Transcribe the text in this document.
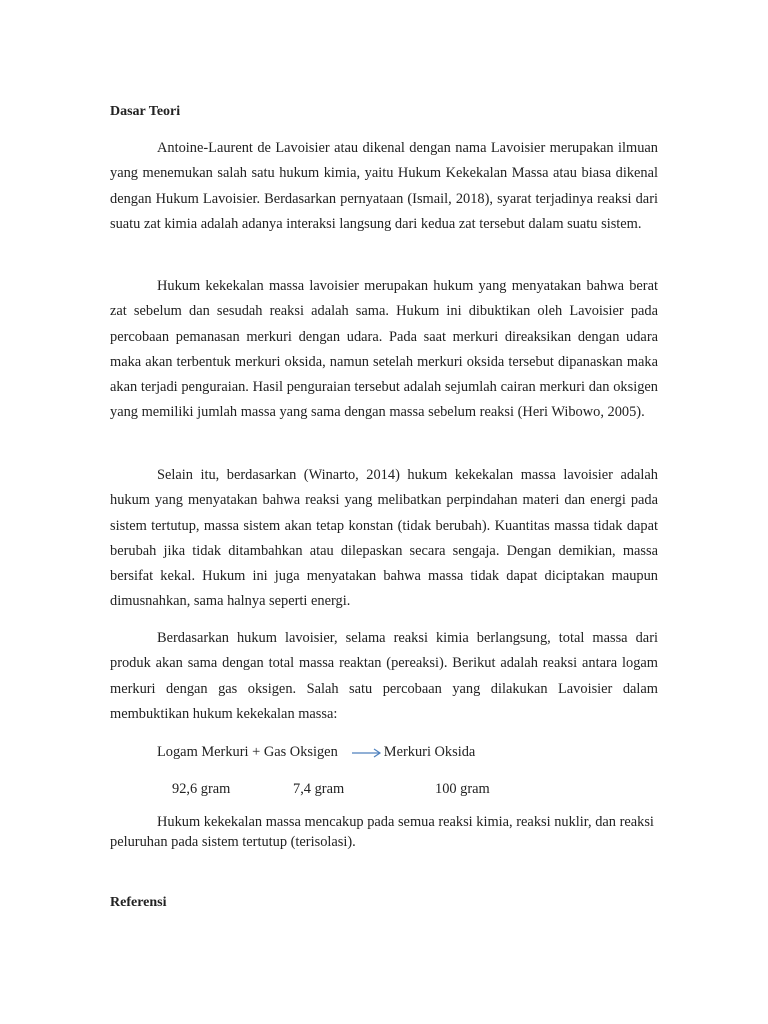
Dasar Teori

Antoine-Laurent de Lavoisier atau dikenal dengan nama Lavoisier merupakan ilmuan yang menemukan salah satu hukum kimia, yaitu Hukum Kekekalan Massa atau biasa dikenal dengan Hukum Lavoisier. Berdasarkan pernyataan (Ismail, 2018), syarat terjadinya reaksi dari suatu zat kimia adalah adanya interaksi langsung dari kedua zat tersebut dalam suatu sistem.

Hukum kekekalan massa lavoisier merupakan hukum yang menyatakan bahwa berat zat sebelum dan sesudah reaksi adalah sama. Hukum ini dibuktikan oleh Lavoisier pada percobaan pemanasan merkuri dengan udara. Pada saat merkuri direaksikan dengan udara maka akan terbentuk merkuri oksida, namun setelah merkuri oksida tersebut dipanaskan maka akan terjadi penguraian. Hasil penguraian tersebut adalah sejumlah cairan merkuri dan oksigen yang memiliki jumlah massa yang sama dengan massa sebelum reaksi (Heri Wibowo, 2005).

Selain itu, berdasarkan (Winarto, 2014) hukum kekekalan massa lavoisier adalah hukum yang menyatakan bahwa reaksi yang melibatkan perpindahan materi dan energi pada sistem tertutup, massa sistem akan tetap konstan (tidak berubah). Kuantitas massa tidak dapat berubah jika tidak ditambahkan atau dilepaskan secara sengaja. Dengan demikian, massa bersifat kekal. Hukum ini juga menyatakan bahwa massa tidak dapat diciptakan maupun dimusnahkan, sama halnya seperti energi.

Berdasarkan hukum lavoisier, selama reaksi kimia berlangsung, total massa dari produk akan sama dengan total massa reaktan (pereaksi). Berikut adalah reaksi antara logam merkuri dengan gas oksigen. Salah satu percobaan yang dilakukan Lavoisier dalam membuktikan hukum kekekalan massa:

Logam Merkuri + Gas Oksigen → Merkuri Oksida
92,6 gram	7,4 gram	100 gram

Hukum kekekalan massa mencakup pada semua reaksi kimia, reaksi nuklir, dan reaksi peluruhan pada sistem tertutup (terisolasi).

Referensi
